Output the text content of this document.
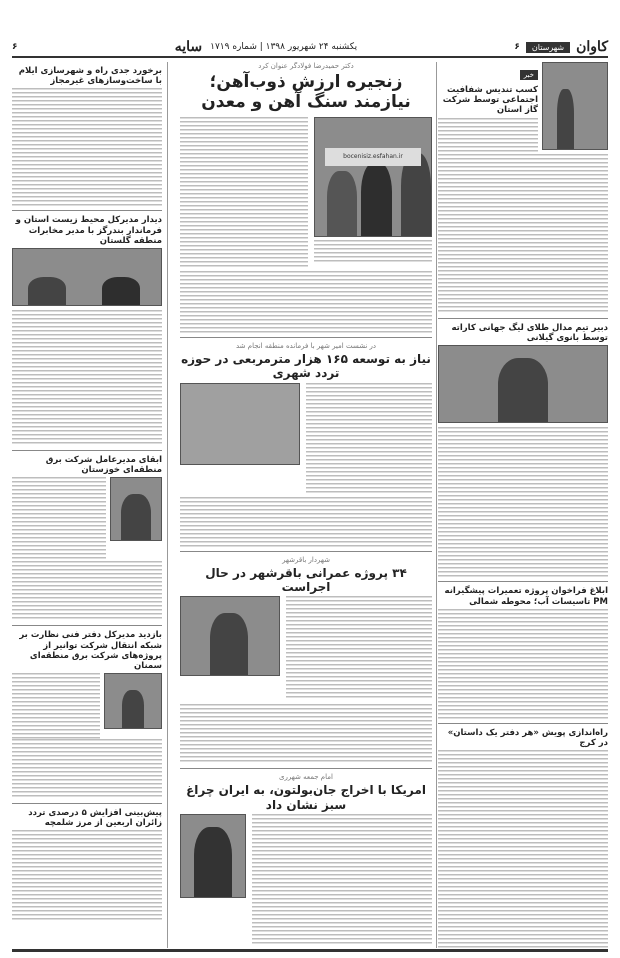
کاوان
شهرستان
۶
یکشنبه ۲۴ شهریور ۱۳۹۸ | شماره ۱۷۱۹
سایه
۶
خبر
کسب تندیس شفافیت اجتماعی توسط شرکت گاز استان
دبیر تیم مدال طلای لیگ جهانی کاراته توسط بانوی گیلانی
ابلاغ فراخوان پروژه تعمیرات پیشگیرانه PM تاسیسات آب؛ محوطه شمالی
راه‌اندازی پویش «هر دفتر یک داستان» در کرج
دکتر حمیدرضا فولادگر عنوان کرد
زنجیره ارزش ذوب‌آهن؛ نیازمند سنگ آهن و معدن
bocenisiz.esfahan.ir
در نشست امیر شهر با فرمانده منطقه انجام شد
نیاز به توسعه ۱۶۵ هزار مترمربعی در حوزه تردد شهری
شهردار باقرشهر
۳۴ پروژه عمرانی باقرشهر در حال اجراست
امام جمعه شهرری
امریکا با اخراج جان‌بولتون، به ایران چراغ سبز نشان داد
برخورد جدی راه و شهرسازی ایلام با ساخت‌وسازهای غیرمجاز
دیدار مدیرکل محیط زیست استان و فرماندار بندرگز با مدیر مخابرات منطقه گلستان
ابقای مدیرعامل شرکت برق منطقه‌ای خوزستان
بازدید مدیرکل دفتر فنی نظارت بر شبکه انتقال شرکت توانیر از پروژه‌های شرکت برق منطقه‌ای سمنان
پیش‌بینی افزایش ۵ درصدی تردد زائران اربعین از مرز شلمچه
